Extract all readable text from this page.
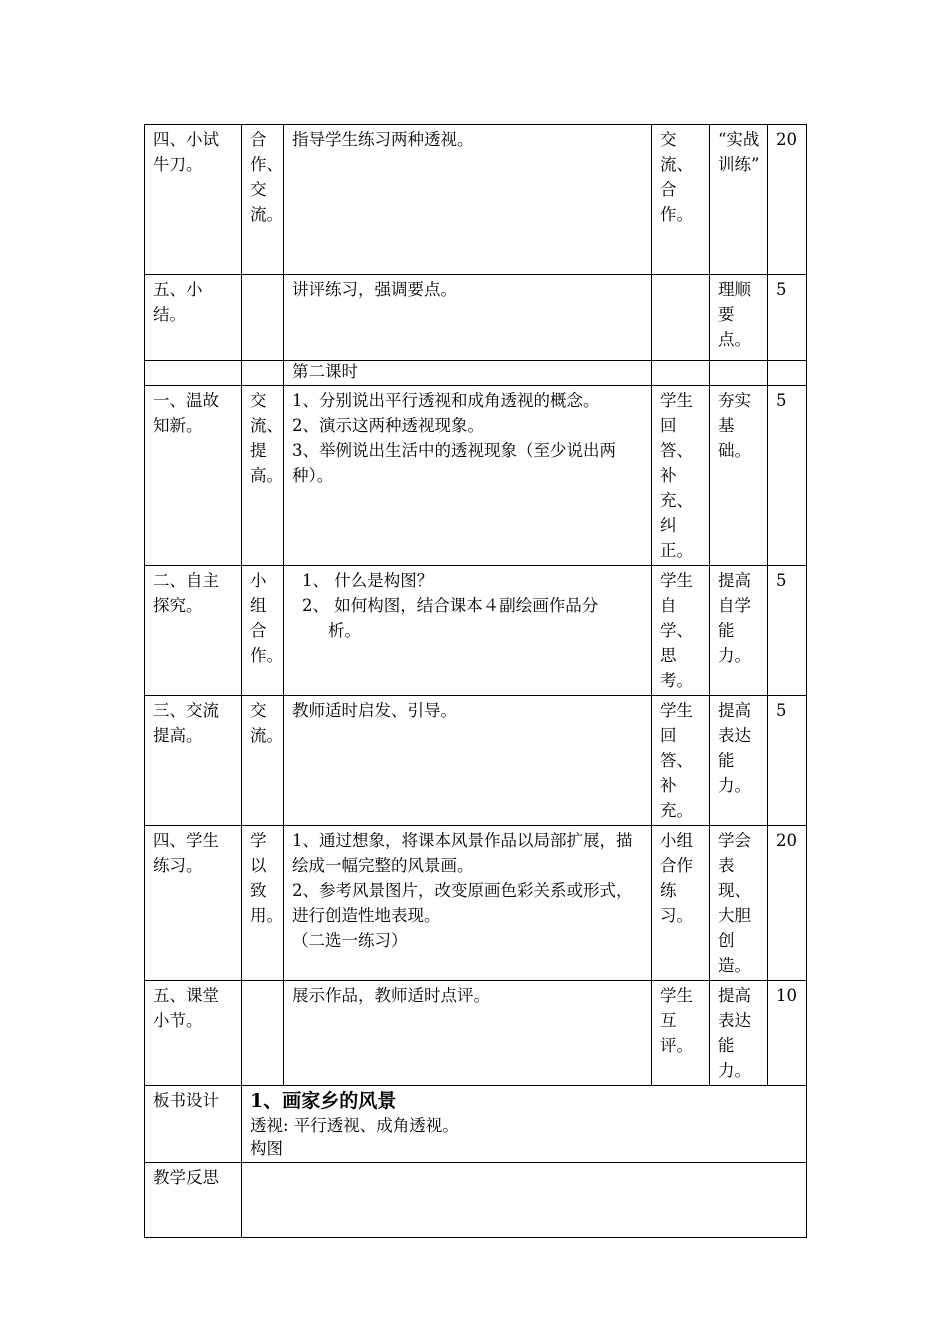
四、小试牛刀。	合作、交流。	指导学生练习两种透视。	交流、合作。	“实战训练”	20
五、小结。		讲评练习，强调要点。		理顺要点。	5

		第二课时			

一、温故知新。	交流、提高。	1、分别说出平行透视和成角透视的概念。
2、演示这两种透视现象。
3、举例说出生活中的透视现象（至少说出两种）。	学生回答、补充、纠正。	夯实基础。	5
二、自主探究。	小组合作。	1、 什么是构图？
2、 如何构图，结合课本４副绘画作品分
析。	学生自学、思考。	提高自学能力。	5
三、交流提高。	交流。	教师适时启发、引导。	学生回答、补充。	提高表达能力。	5
四、学生练习。	学以致用。	1、通过想象，将课本风景作品以局部扩展，描绘成一幅完整的风景画。
2、参考风景图片，改变原画色彩关系或形式，进行创造性地表现。
（二选一练习）	小组合作练习。	学会表现、大胆创造。	20
五、课堂小节。		展示作品，教师适时点评。	学生互评。	提高表达能力。	10
板书设计	1、画家乡的风景
透视: 平行透视、成角透视。
构图				

教学反思					
